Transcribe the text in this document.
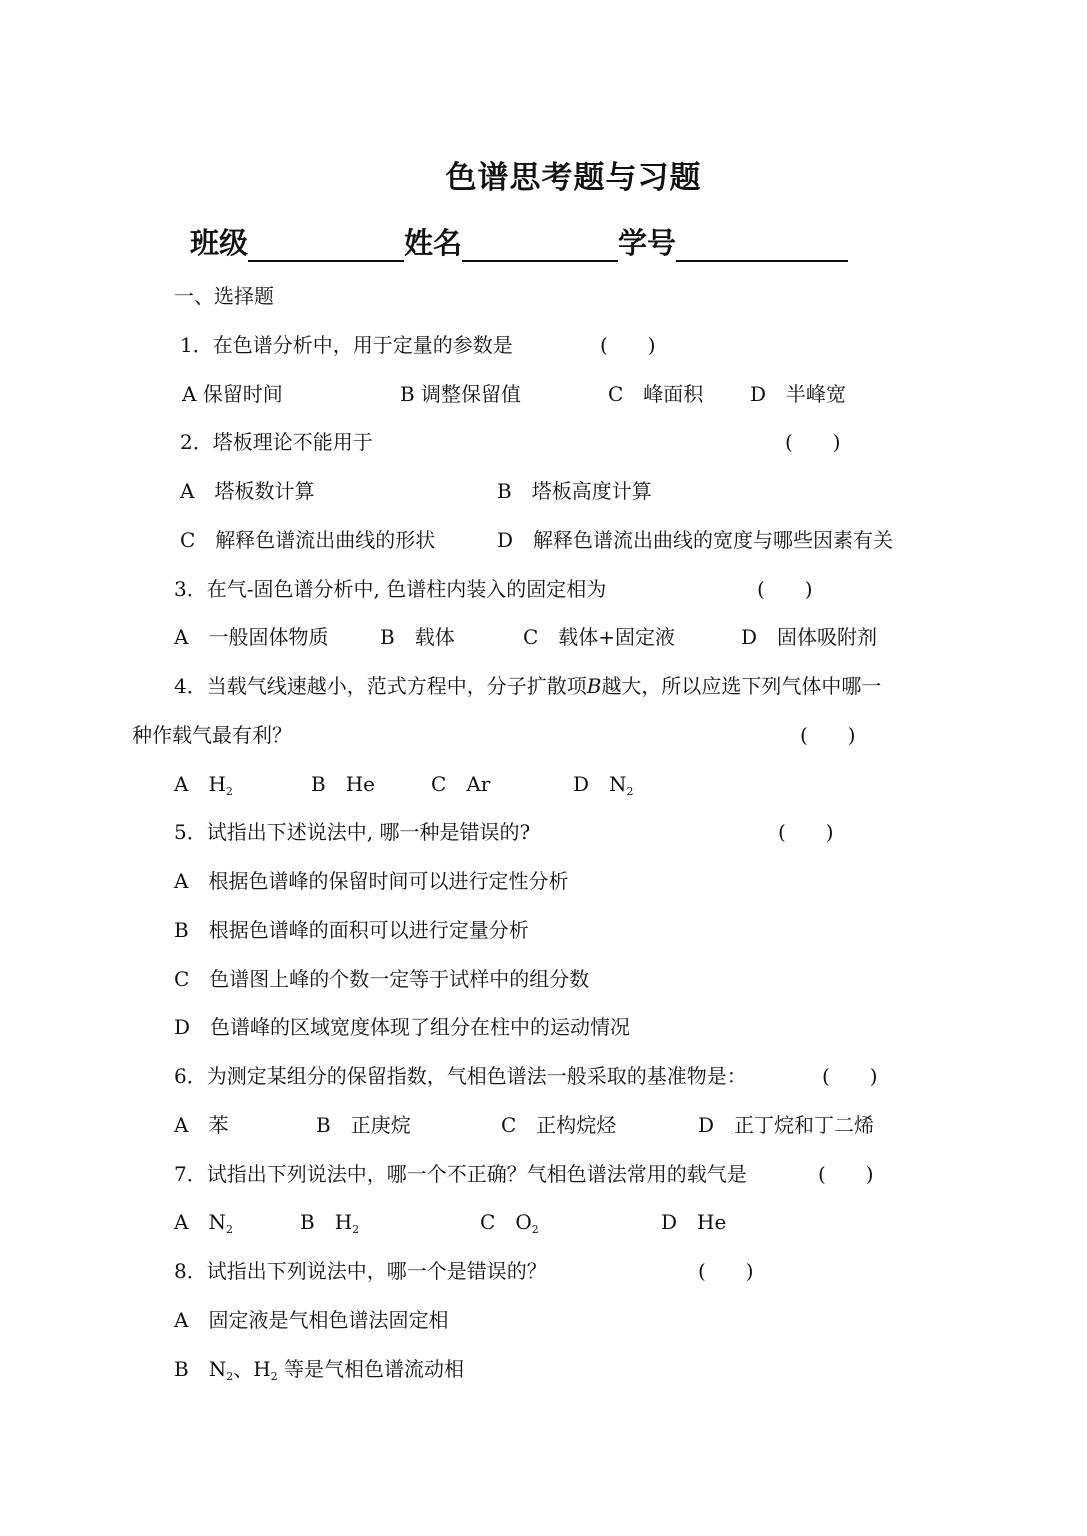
色谱思考题与习题
班级	姓名	学号
一、选择题
1．在色谱分析中，用于定量的参数是	(　　)
A 保留时间	B 调整保留值	C　峰面积 D　半峰宽
2．塔板理论不能用于	(　　)
A　塔板数计算	B　塔板高度计算
C　解释色谱流出曲线的形状	D　解释色谱流出曲线的宽度与哪些因素有关
3．在气-固色谱分析中, 色谱柱内装入的固定相为	(　　)
A　一般固体物质	B　载体	C　载体+固定液	D　固体吸附剂
4．当载气线速越小，范式方程中，分子扩散项B越大，所以应选下列气体中哪一
种作载气最有利？	(　　)
A　 $H_2$	B　 He	C　 Ar	D　 $N_2$
5．试指出下述说法中, 哪一种是错误的?	(　　)
A　根据色谱峰的保留时间可以进行定性分析
B　根据色谱峰的面积可以进行定量分析
C　色谱图上峰的个数一定等于试样中的组分数
D　色谱峰的区域宽度体现了组分在柱中的运动情况
6．为测定某组分的保留指数，气相色谱法一般采取的基准物是：	(　　)
A　苯	B　正庚烷	C　正构烷烃	D　正丁烷和丁二烯
7．试指出下列说法中，哪一个不正确？气相色谱法常用的载气是	(　　)
A　 $N_2$	B　 $H_2$	C　 $O_2$	D　 He
8．试指出下列说法中，哪一个是错误的？	(　　)
A　固定液是气相色谱法固定相
B　 $N_2$、$H_2$ 等是气相色谱流动相
